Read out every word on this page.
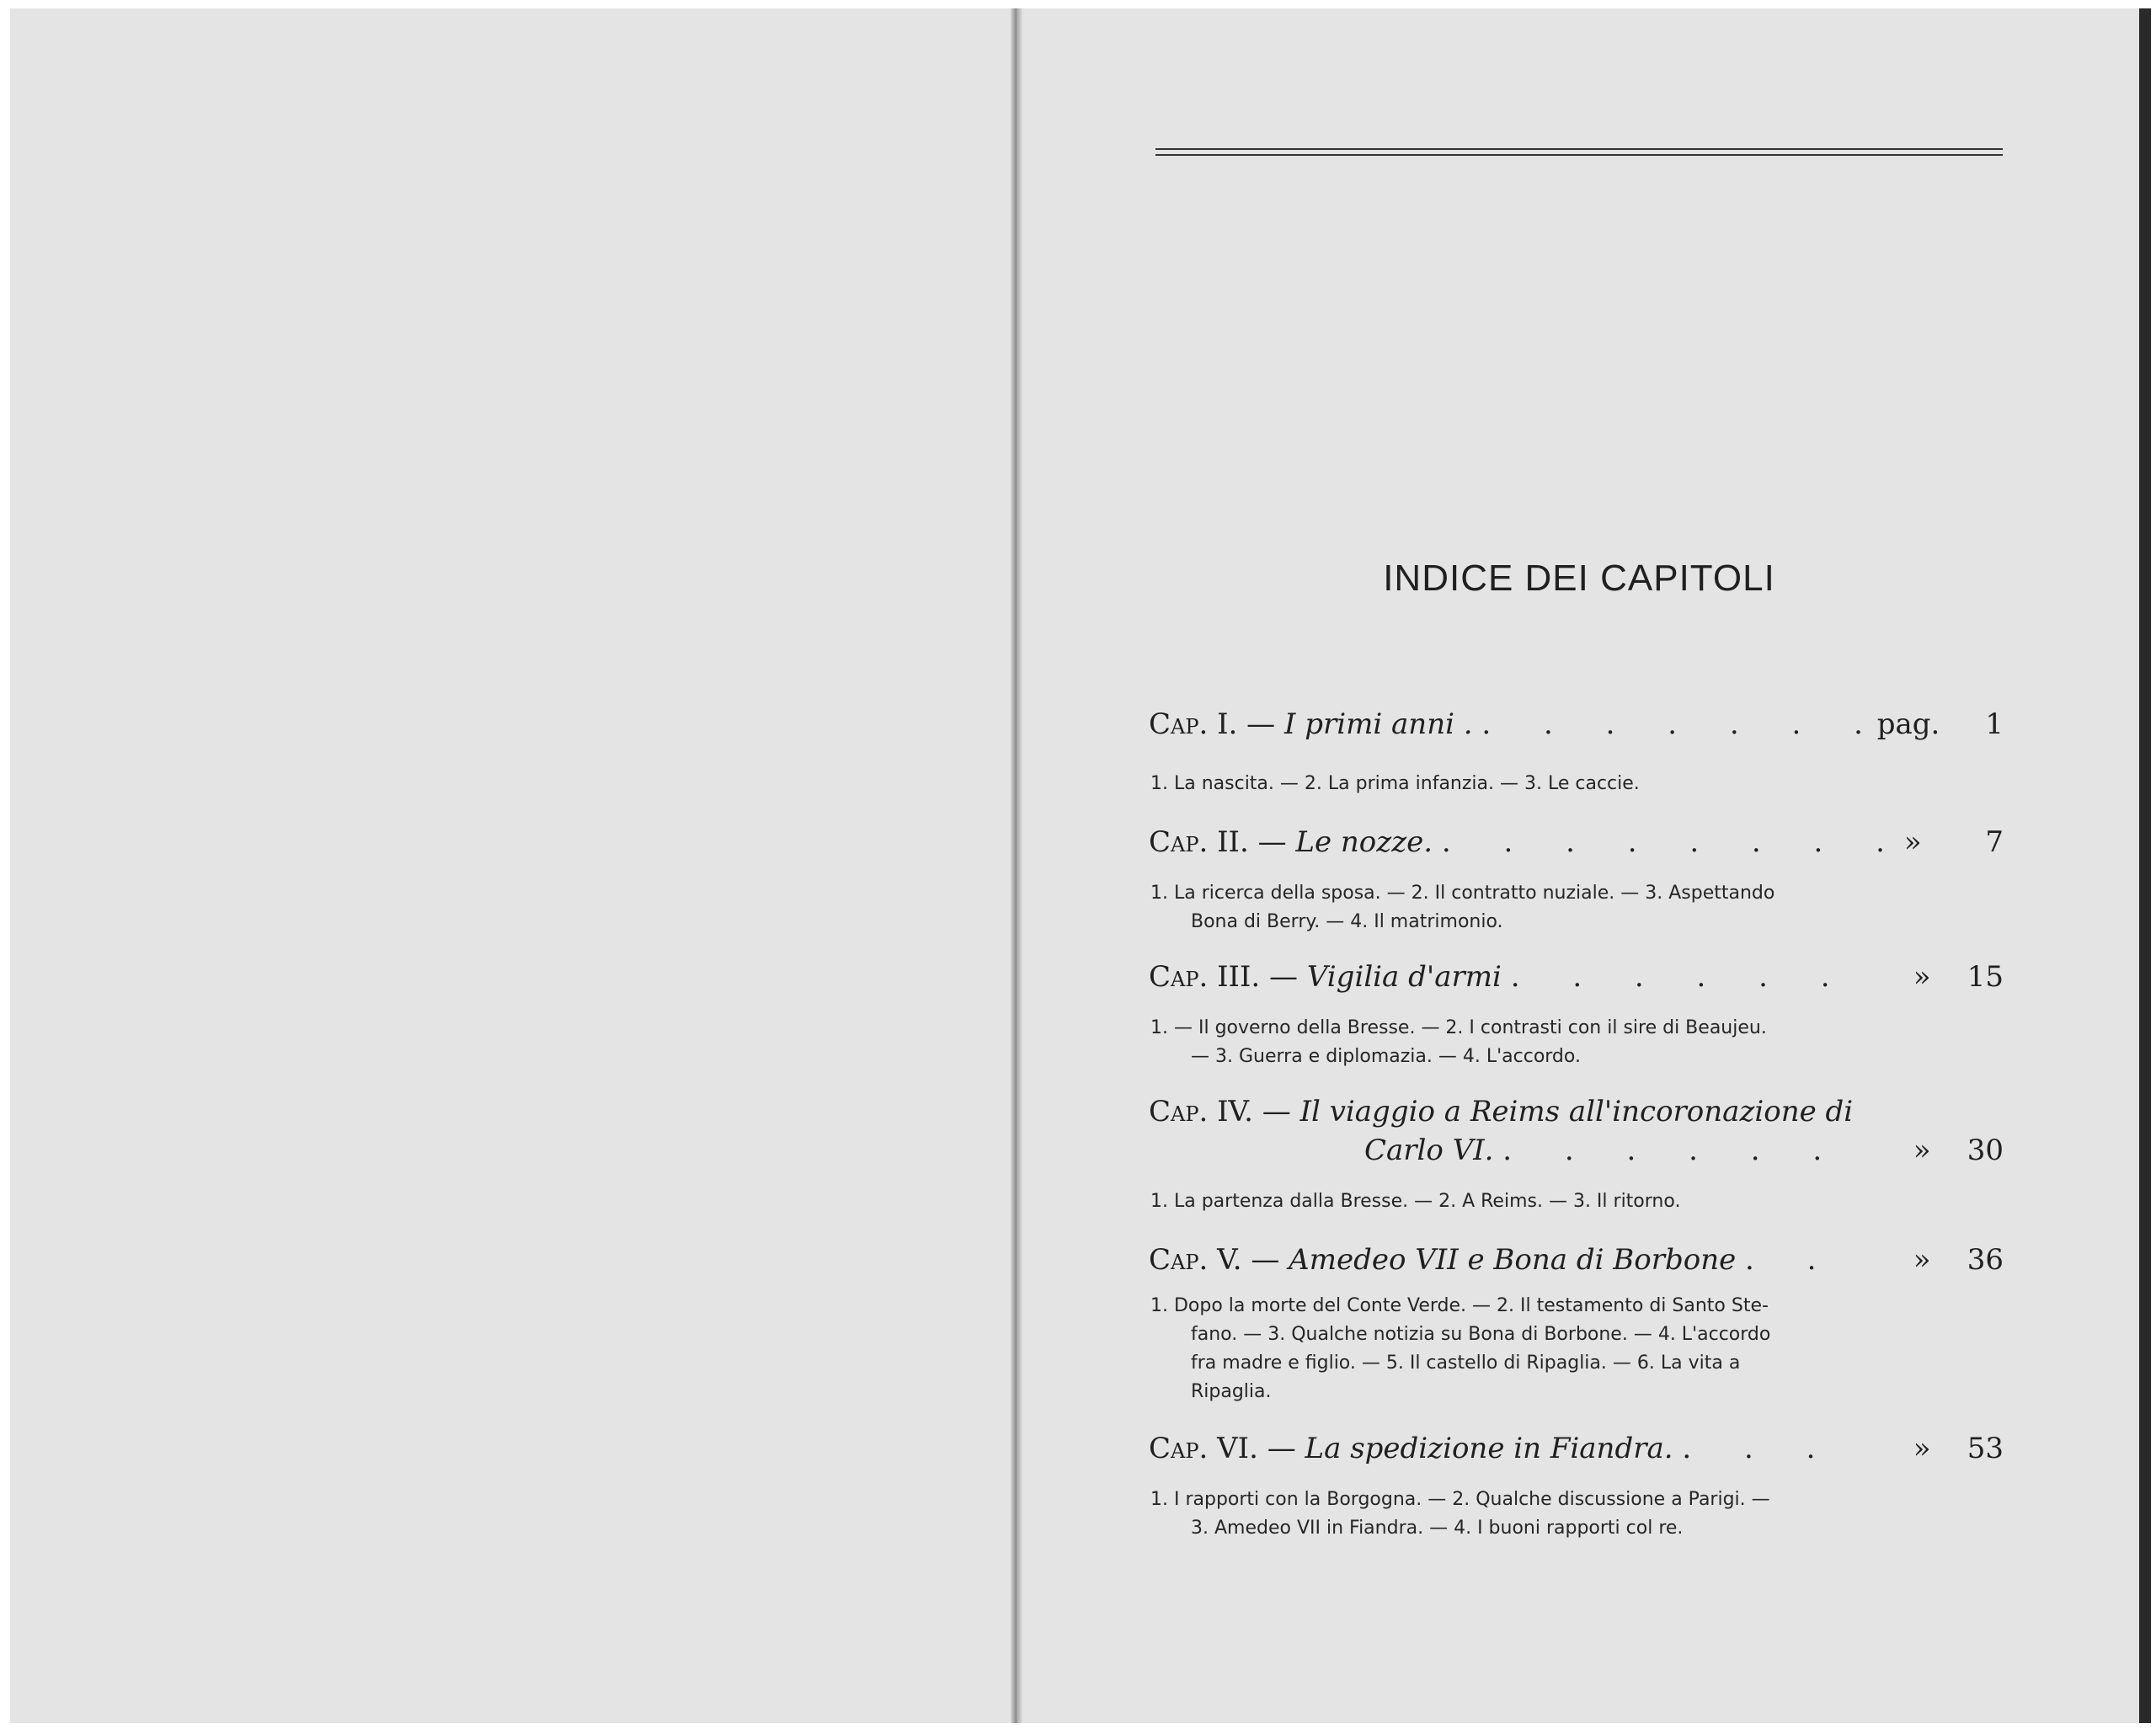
INDICE DEI CAPITOLI
Cap. I. — I primi anni . . . . . . . .
pag. 1
1. La nascita. — 2. La prima infanzia. — 3. Le caccie.
Cap. II. — Le nozze. . . . . . . . .
» 7
1. La ricerca della sposa. — 2. Il contratto nuziale. — 3. Aspettando
Bona di Berry. — 4. Il matrimonio.
Cap. III. — Vigilia d'armi . . . . . . » 15
1. — Il governo della Bresse. — 2. I contrasti con il sire di Beaujeu.
— 3. Guerra e diplomazia. — 4. L'accordo.
Cap. IV. — Il viaggio a Reims all'incoronazione di
Carlo VI. . . . . . . » 30
1. La partenza dalla Bresse. — 2. A Reims. — 3. Il ritorno.
Cap. V. — Amedeo VII e Bona di Borbone . .	» 36
1. Dopo la morte del Conte Verde. — 2. Il testamento di Santo Ste-
fano. — 3. Qualche notizia su Bona di Borbone. — 4. L'accordo
fra madre e figlio. — 5. Il castello di Ripaglia. — 6. La vita a
Ripaglia.
Cap. VI. — La spedizione in Fiandra. . . .	» 53
1. I rapporti con la Borgogna. — 2. Qualche discussione a Parigi. —
3. Amedeo VII in Fiandra. — 4. I buoni rapporti col re.
